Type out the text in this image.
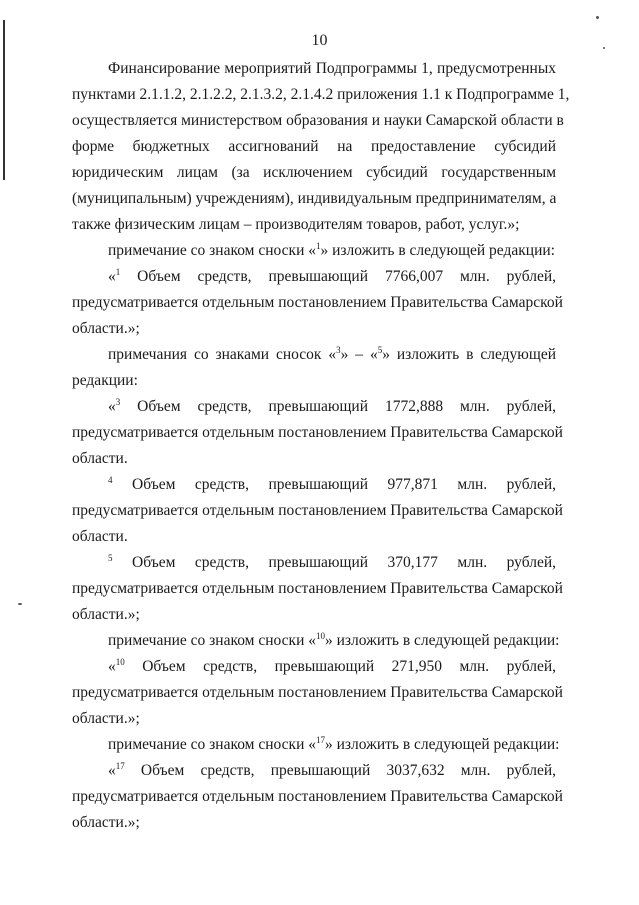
10
Финансирование мероприятий Подпрограммы 1, предусмотренных
пунктами 2.1.1.2, 2.1.2.2, 2.1.3.2, 2.1.4.2 приложения 1.1 к Подпрограмме 1,
осуществляется министерством образования и науки Самарской области в
форме бюджетных ассигнований на предоставление субсидий
юридическим лицам (за исключением субсидий государственным
(муниципальным) учреждениям), индивидуальным предпринимателям, а
также физическим лицам – производителям товаров, работ, услуг.»;
примечание со знаком сноски «$^1$» изложить в следующей редакции:
«$^1$ Объем средств, превышающий 7766,007 млн. рублей,
предусматривается отдельным постановлением Правительства Самарской
области.»;
примечания со знаками сносок «$^3$» – «$^5$» изложить в следующей
редакции:
«$^3$ Объем средств, превышающий 1772,888 млн. рублей,
предусматривается отдельным постановлением Правительства Самарской
области.
$^4$ Объем средств, превышающий 977,871 млн. рублей,
предусматривается отдельным постановлением Правительства Самарской
области.
$^5$ Объем средств, превышающий 370,177 млн. рублей,
предусматривается отдельным постановлением Правительства Самарской
области.»;
примечание со знаком сноски «$^{10}$» изложить в следующей редакции:
«$^{10}$ Объем средств, превышающий 271,950 млн. рублей,
предусматривается отдельным постановлением Правительства Самарской
области.»;
примечание со знаком сноски «$^{17}$» изложить в следующей редакции:
«$^{17}$ Объем средств, превышающий 3037,632 млн. рублей,
предусматривается отдельным постановлением Правительства Самарской
области.»;
